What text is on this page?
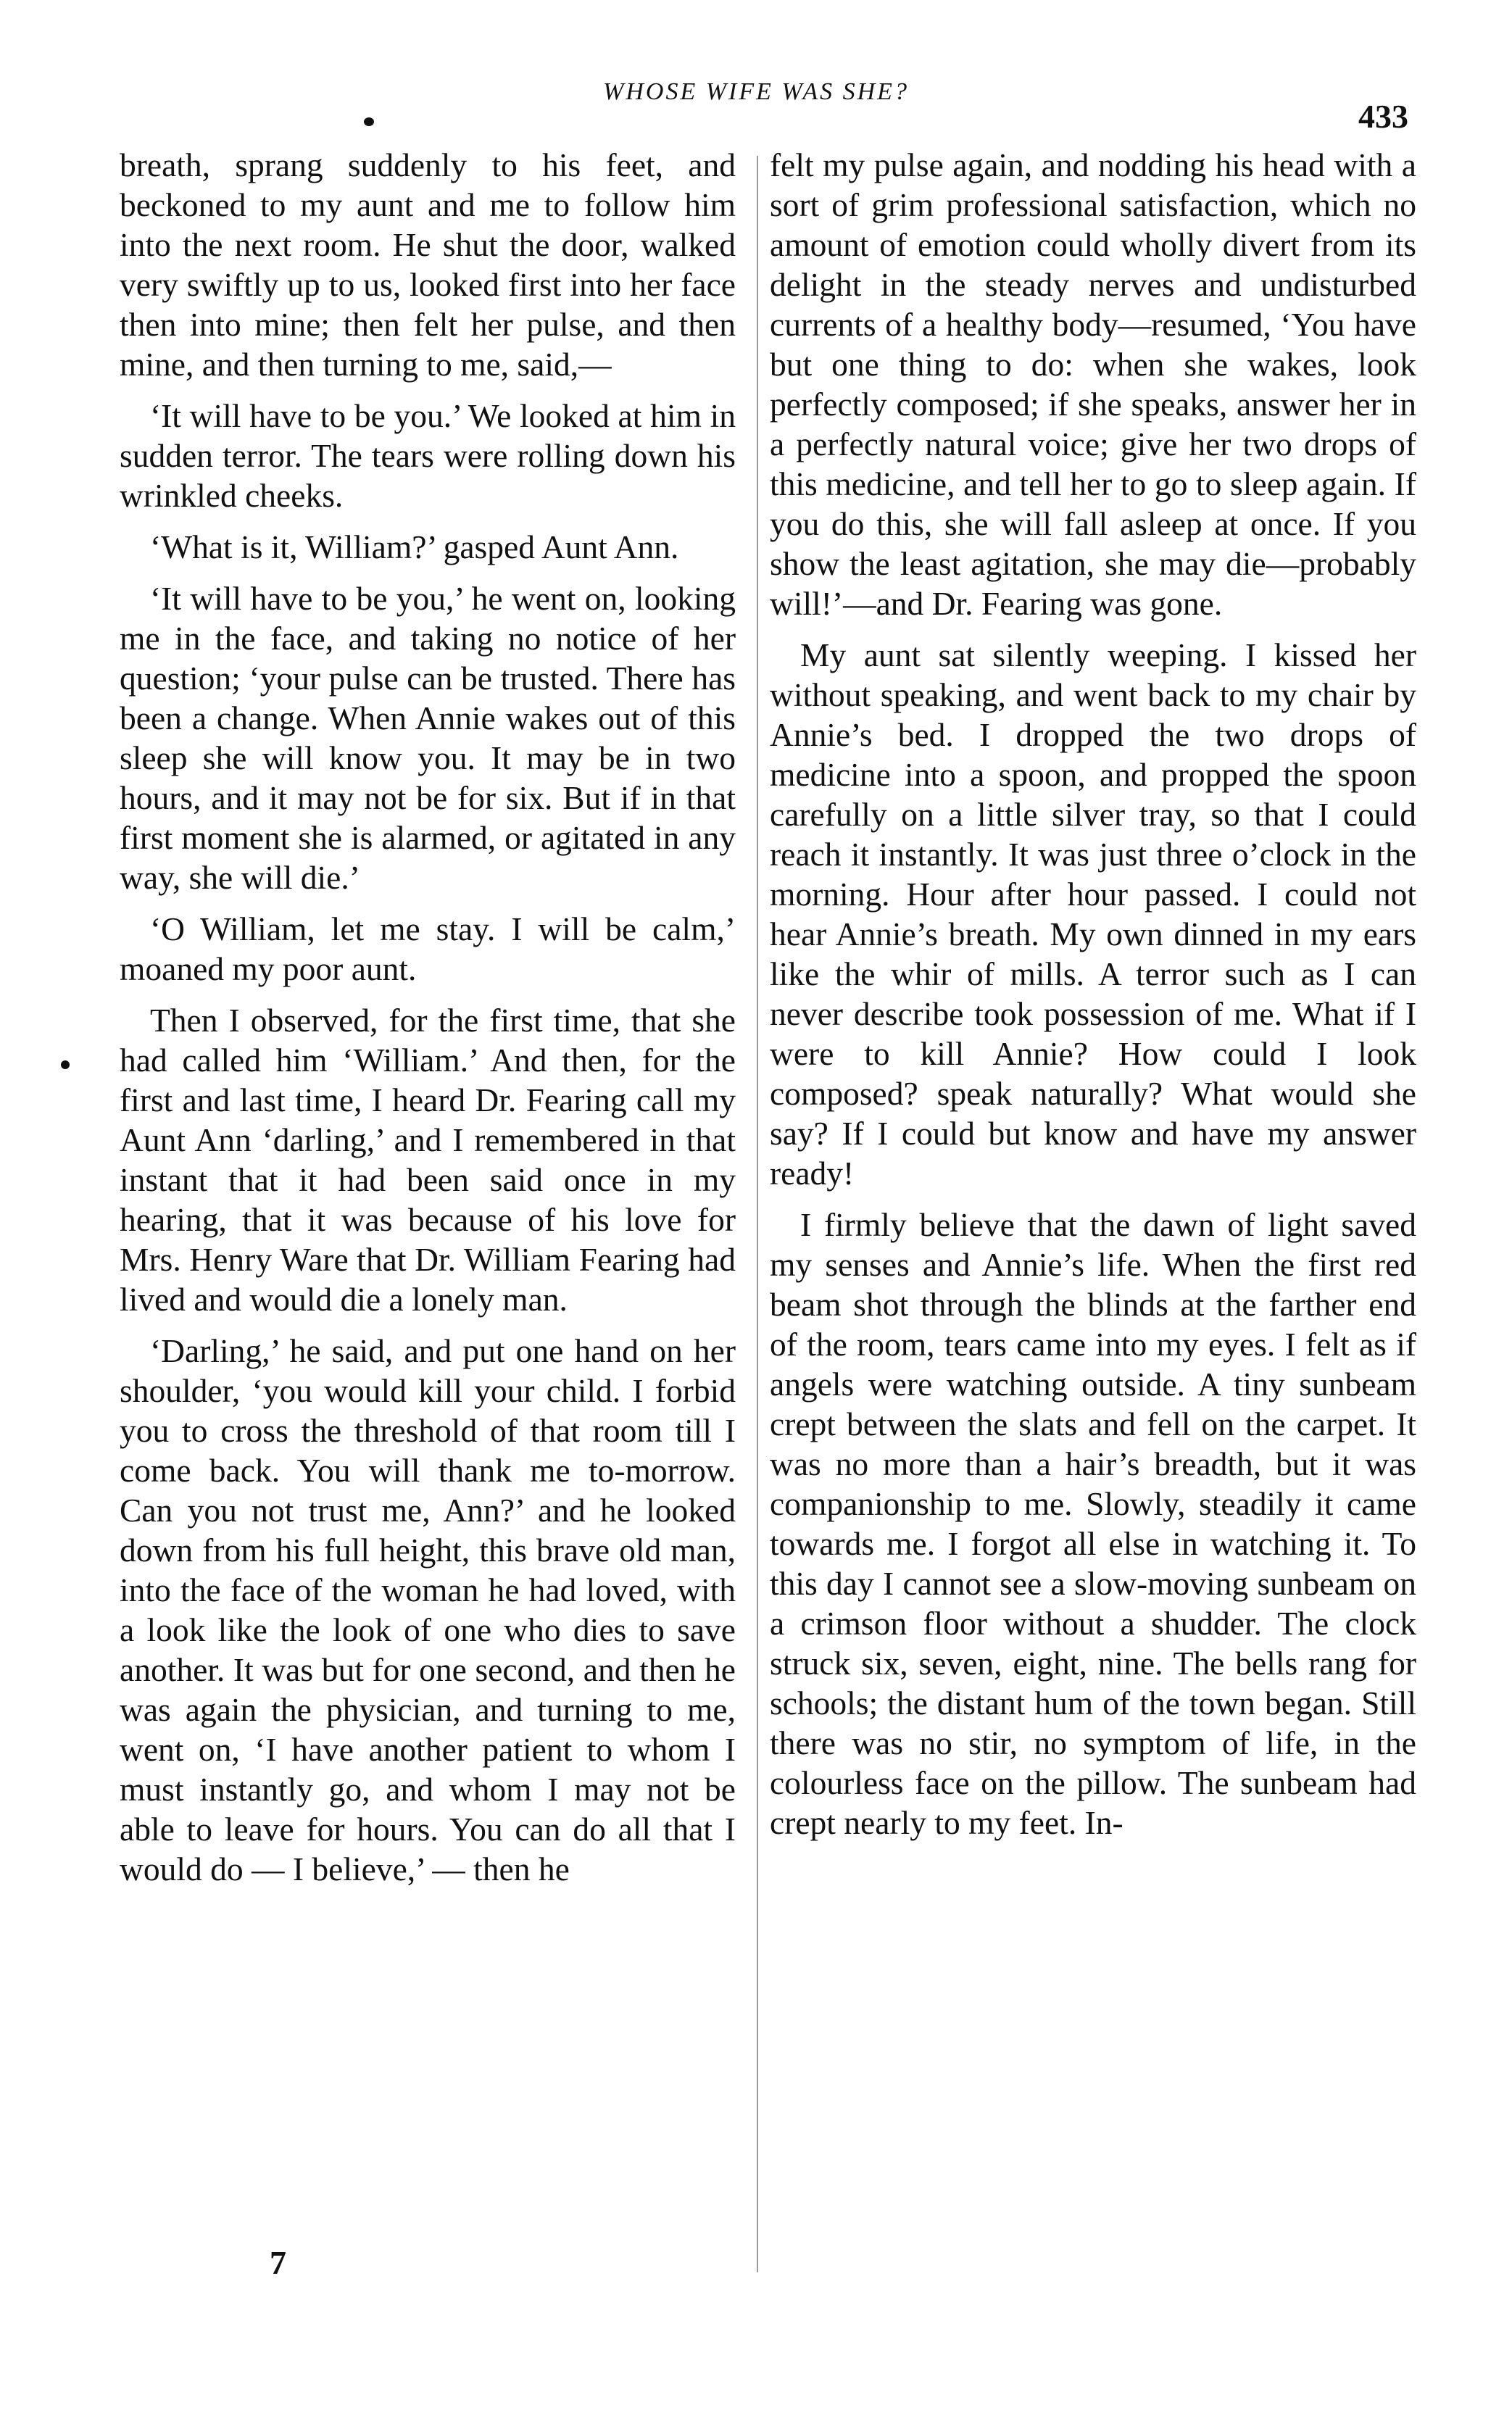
WHOSE WIFE WAS SHE?
433

breath, sprang suddenly to his feet, and beckoned to my aunt and me to follow him into the next room. He shut the door, walked very swiftly up to us, looked first into her face then into mine; then felt her pulse, and then mine, and then turning to me, said,—

‘It will have to be you.’ We looked at him in sudden terror. The tears were rolling down his wrinkled cheeks.

‘What is it, William?’ gasped Aunt Ann.

‘It will have to be you,’ he went on, looking me in the face, and taking no notice of her question; ‘your pulse can be trusted. There has been a change. When Annie wakes out of this sleep she will know you. It may be in two hours, and it may not be for six. But if in that first moment she is alarmed, or agitated in any way, she will die.’

‘O William, let me stay. I will be calm,’ moaned my poor aunt.

Then I observed, for the first time, that she had called him ‘William.’ And then, for the first and last time, I heard Dr. Fearing call my Aunt Ann ‘darling,’ and I remembered in that instant that it had been said once in my hearing, that it was because of his love for Mrs. Henry Ware that Dr. William Fearing had lived and would die a lonely man.

‘Darling,’ he said, and put one hand on her shoulder, ‘you would kill your child. I forbid you to cross the threshold of that room till I come back. You will thank me to-morrow. Can you not trust me, Ann?’ and he looked down from his full height, this brave old man, into the face of the woman he had loved, with a look like the look of one who dies to save another. It was but for one second, and then he was again the physician, and turning to me, went on, ‘I have another patient to whom I must instantly go, and whom I may not be able to leave for hours. You can do all that I would do — I believe,’ — then he

felt my pulse again, and nodding his head with a sort of grim professional satisfaction, which no amount of emotion could wholly divert from its delight in the steady nerves and undisturbed currents of a healthy body—resumed, ‘You have but one thing to do: when she wakes, look perfectly composed; if she speaks, answer her in a perfectly natural voice; give her two drops of this medicine, and tell her to go to sleep again. If you do this, she will fall asleep at once. If you show the least agitation, she may die—probably will!’—and Dr. Fearing was gone.

My aunt sat silently weeping. I kissed her without speaking, and went back to my chair by Annie’s bed. I dropped the two drops of medicine into a spoon, and propped the spoon carefully on a little silver tray, so that I could reach it instantly. It was just three o’clock in the morning. Hour after hour passed. I could not hear Annie’s breath. My own dinned in my ears like the whir of mills. A terror such as I can never describe took possession of me. What if I were to kill Annie? How could I look composed? speak naturally? What would she say? If I could but know and have my answer ready!

I firmly believe that the dawn of light saved my senses and Annie’s life. When the first red beam shot through the blinds at the farther end of the room, tears came into my eyes. I felt as if angels were watching outside. A tiny sunbeam crept between the slats and fell on the carpet. It was no more than a hair’s breadth, but it was companionship to me. Slowly, steadily it came towards me. I forgot all else in watching it. To this day I cannot see a slow-moving sunbeam on a crimson floor without a shudder. The clock struck six, seven, eight, nine. The bells rang for schools; the distant hum of the town began. Still there was no stir, no symptom of life, in the colourless face on the pillow. The sunbeam had crept nearly to my feet. In-

7
